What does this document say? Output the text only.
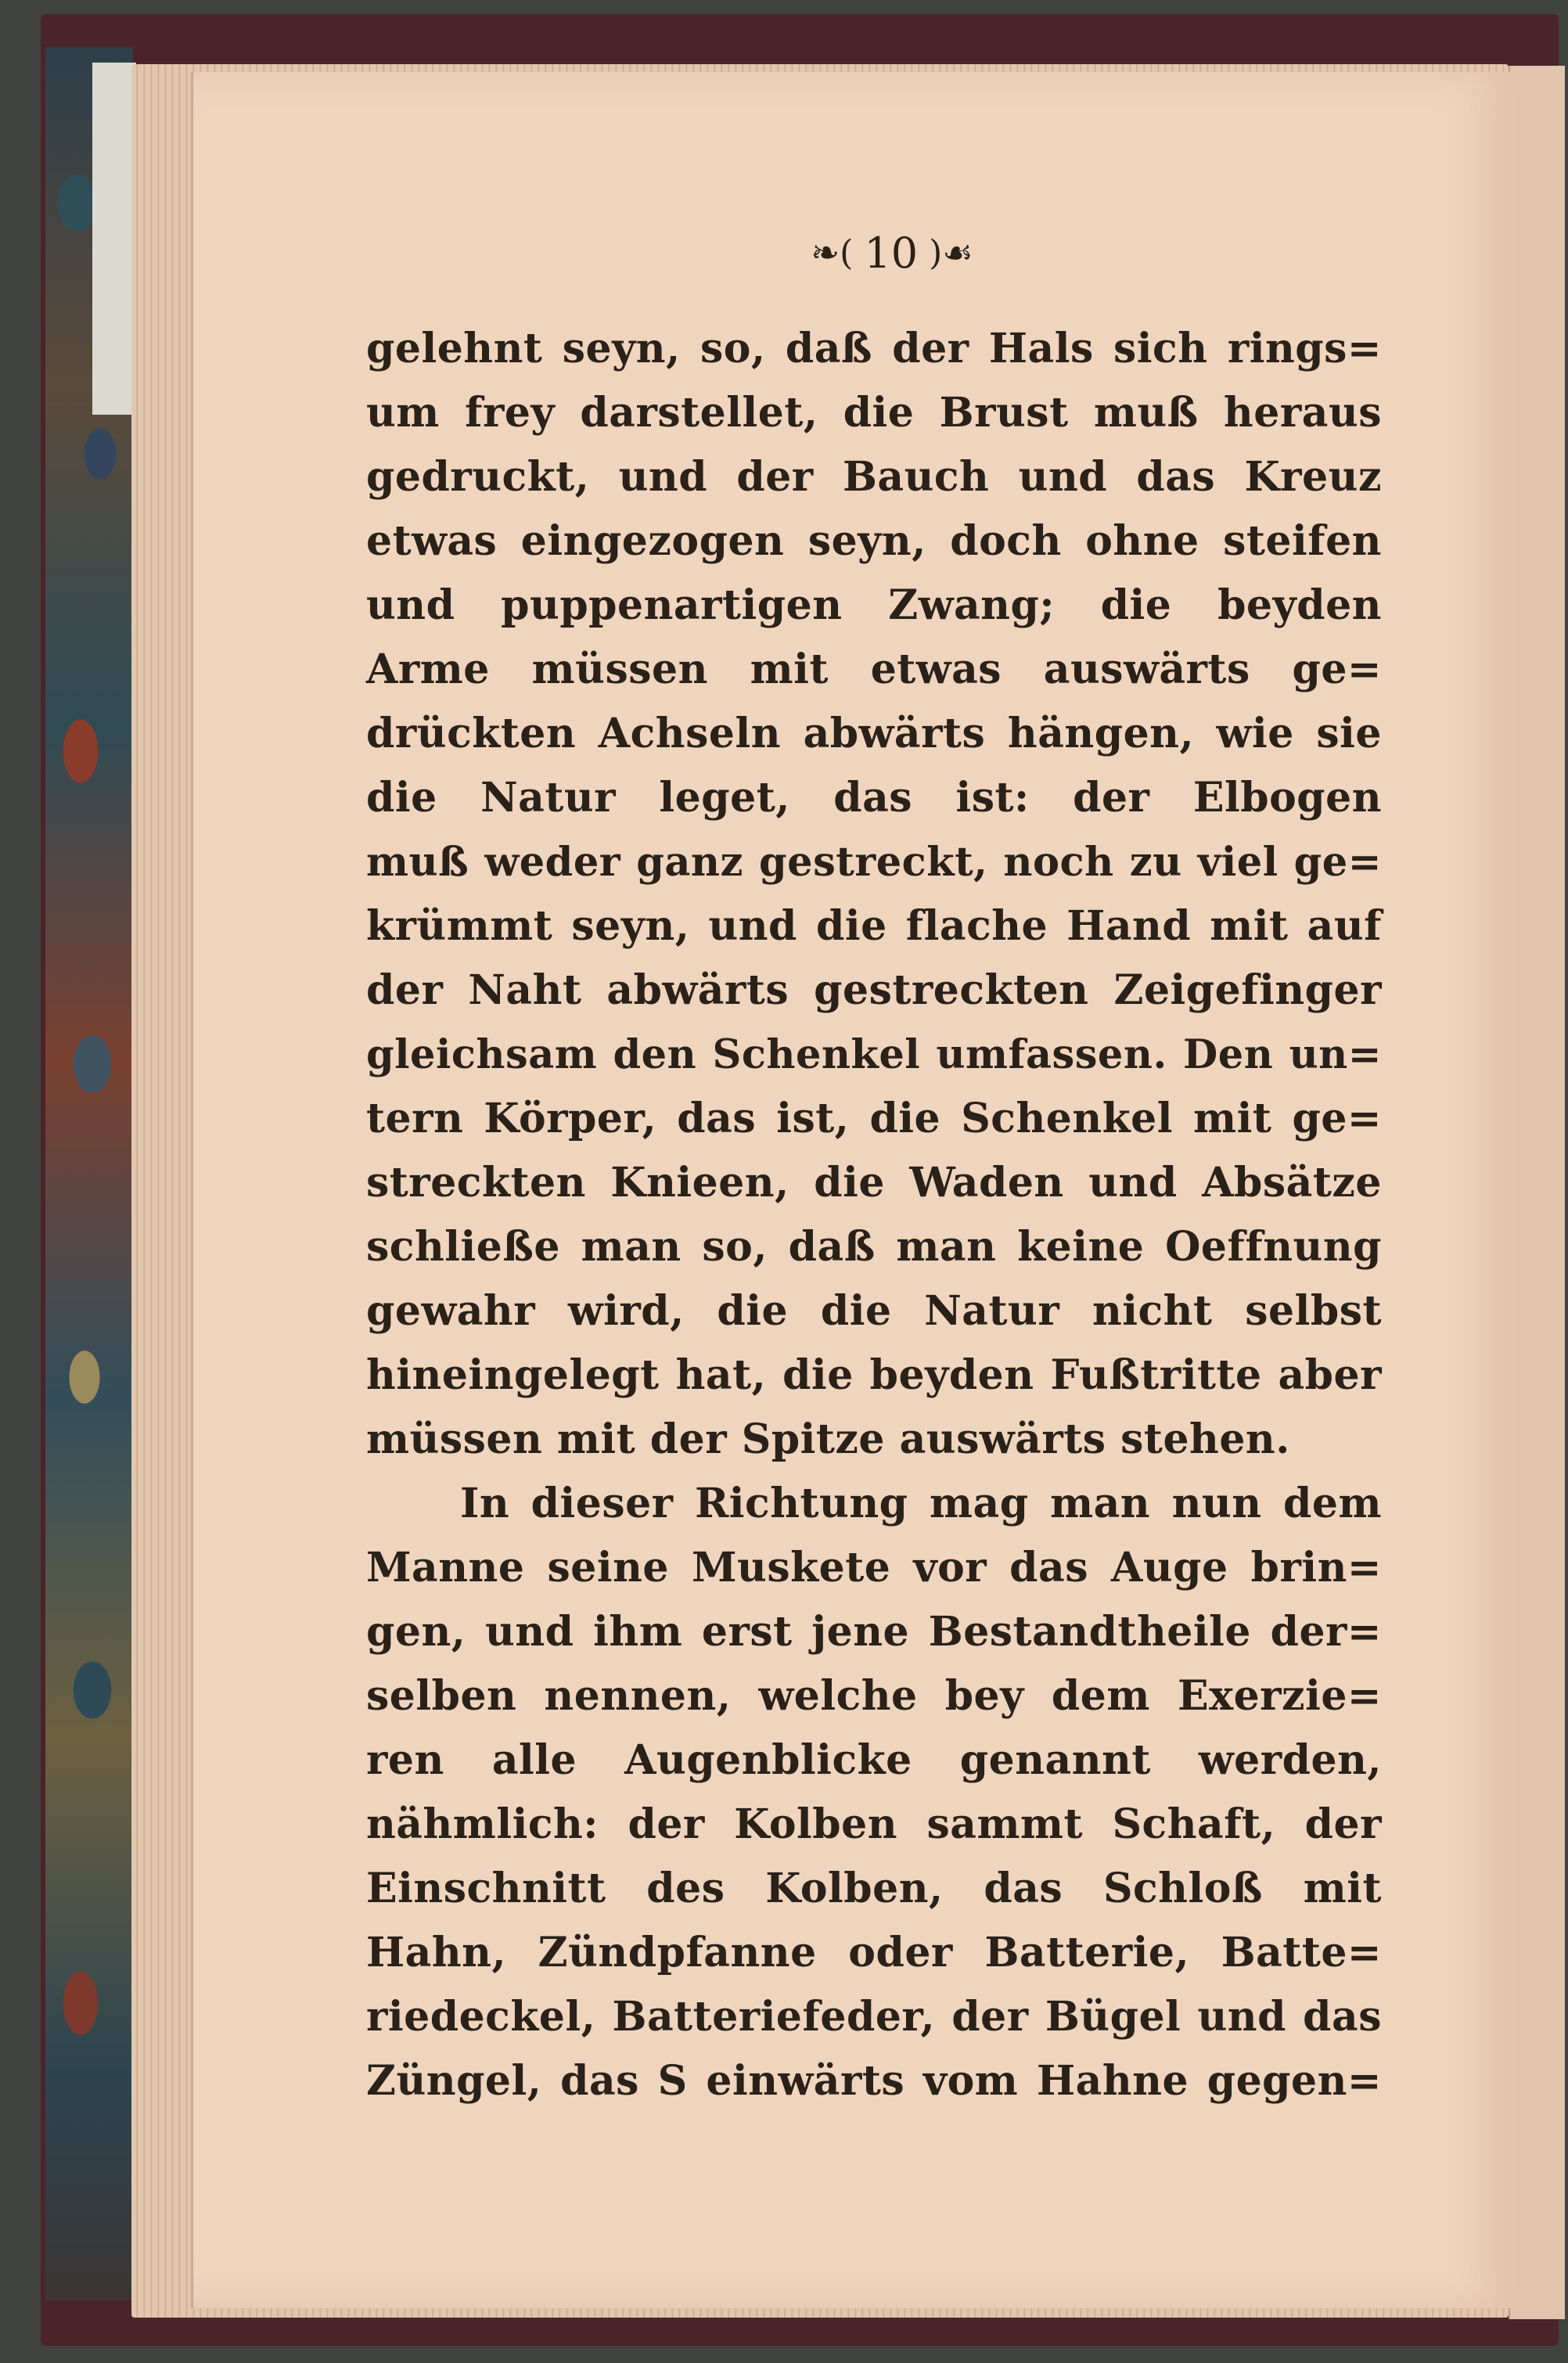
❧( 10 )☙
gelehnt seyn, so, daß der Hals sich rings=
um frey darstellet, die Brust muß heraus
gedruckt, und der Bauch und das Kreuz
etwas eingezogen seyn, doch ohne steifen
und puppenartigen Zwang; die beyden
Arme müssen mit etwas auswärts ge=
drückten Achseln abwärts hängen, wie sie
die Natur leget, das ist: der Elbogen
muß weder ganz gestreckt, noch zu viel ge=
krümmt seyn, und die flache Hand mit auf
der Naht abwärts gestreckten Zeigefinger
gleichsam den Schenkel umfassen. Den un=
tern Körper, das ist, die Schenkel mit ge=
streckten Knieen, die Waden und Absätze
schließe man so, daß man keine Oeffnung
gewahr wird, die die Natur nicht selbst
hineingelegt hat, die beyden Fußtritte aber
müssen mit der Spitze auswärts stehen.
In dieser Richtung mag man nun dem
Manne seine Muskete vor das Auge brin=
gen, und ihm erst jene Bestandtheile der=
selben nennen, welche bey dem Exerzie=
ren alle Augenblicke genannt werden,
nähmlich: der Kolben sammt Schaft, der
Einschnitt des Kolben, das Schloß mit
Hahn, Zündpfanne oder Batterie, Batte=
riedeckel, Batteriefeder, der Bügel und das
Züngel, das S einwärts vom Hahne gegen=
